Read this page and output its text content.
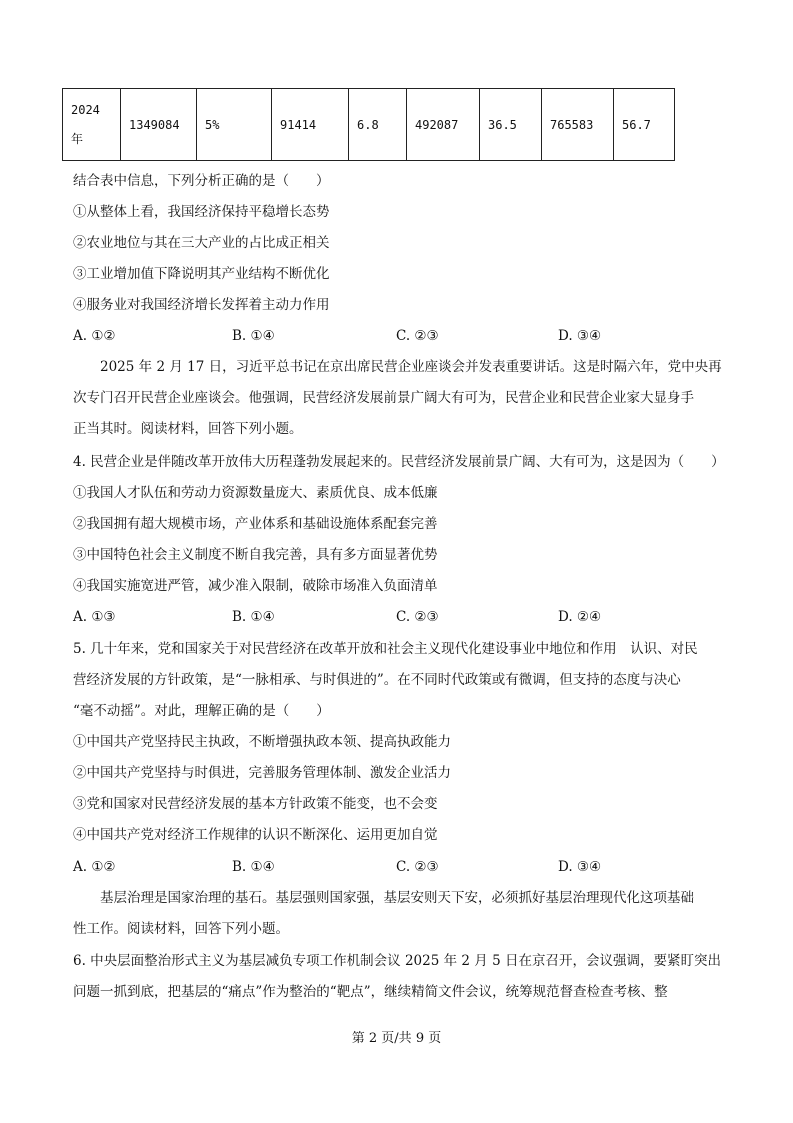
2024
年
	1349084	5%	91414	6.8	492087	36.5	765583	56.7
结合表中信息，下列分析正确的是（　　）
①从整体上看，我国经济保持平稳增长态势
②农业地位与其在三大产业的占比成正相关
③工业增加值下降说明其产业结构不断优化
④服务业对我国经济增长发挥着主动力作用
A. ①②	B. ①④	C. ②③	D. ③④
2025 年 2 月 17 日，习近平总书记在京出席民营企业座谈会并发表重要讲话。这是时隔六年，党中央再
次专门召开民营企业座谈会。他强调，民营经济发展前景广阔大有可为，民营企业和民营企业家大显身手
正当其时。阅读材料，回答下列小题。
4. 民营企业是伴随改革开放伟大历程蓬勃发展起来的。民营经济发展前景广阔、大有可为，这是因为（　　）
①我国人才队伍和劳动力资源数量庞大、素质优良、成本低廉
②我国拥有超大规模市场，产业体系和基础设施体系配套完善
③中国特色社会主义制度不断自我完善，具有多方面显著优势
④我国实施宽进严管，减少准入限制，破除市场准入负面清单
A. ①③	B. ①④	C. ②③	D. ②④
5. 几十年来，党和国家关于对民营经济在改革开放和社会主义现代化建设事业中地位和作用　认识、对民
营经济发展的方针政策，是“一脉相承、与时俱进的”。在不同时代政策或有微调，但支持的态度与决心
“毫不动摇”。对此，理解正确的是（　　）
①中国共产党坚持民主执政，不断增强执政本领、提高执政能力
②中国共产党坚持与时俱进，完善服务管理体制、激发企业活力
③党和国家对民营经济发展的基本方针政策不能变，也不会变
④中国共产党对经济工作规律的认识不断深化、运用更加自觉
A. ①②	B. ①④	C. ②③	D. ③④
基层治理是国家治理的基石。基层强则国家强，基层安则天下安，必须抓好基层治理现代化这项基础
性工作。阅读材料，回答下列小题。
6. 中央层面整治形式主义为基层减负专项工作机制会议 2025 年 2 月 5 日在京召开，会议强调，要紧盯突出
问题一抓到底，把基层的“痛点”作为整治的“靶点”，继续精简文件会议，统筹规范督查检查考核、整
第 2 页/共 9 页
